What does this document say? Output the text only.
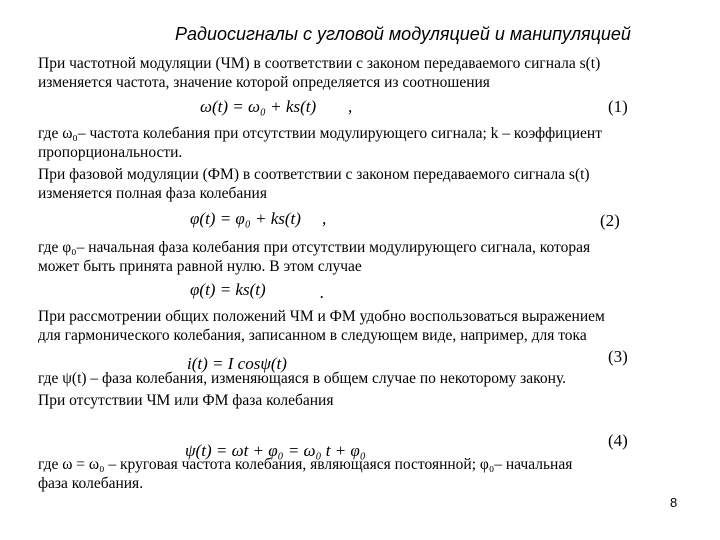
Радиосигналы с угловой модуляцией и манипуляцией
При частотной модуляции (ЧМ) в соответствии с законом передаваемого сигнала s(t)
изменяется частота, значение которой определяется из соотношения
ω(t) = ω₀ + ks(t) ,	(1)
где ω₀– частота колебания при отсутствии модулирующего сигнала; k – коэффициент
пропорциональности.
При фазовой модуляции (ФМ) в соответствии с законом передаваемого сигнала s(t)
изменяется полная фаза колебания
φ(t) = φ₀ + ks(t) ,	(2)
где φ₀– начальная фаза колебания при отсутствии модулирующего сигнала, которая
может быть принята равной нулю. В этом случае
φ(t) = ks(t)	.
При рассмотрении общих положений ЧМ и ФМ удобно воспользоваться выражением
для гармонического колебания, записанном в следующем виде, например, для тока
i(t) = I cosψ(t)	(3)
где ψ(t) – фаза колебания, изменяющаяся в общем случае по некоторому закону.
При отсутствии ЧМ или ФМ фаза колебания
ψ(t) = ωt + φ₀ = ω₀ t + φ₀
(4)
где ω = ω₀ – круговая частота колебания, являющаяся постоянной; φ₀– начальная
фаза колебания.
8
